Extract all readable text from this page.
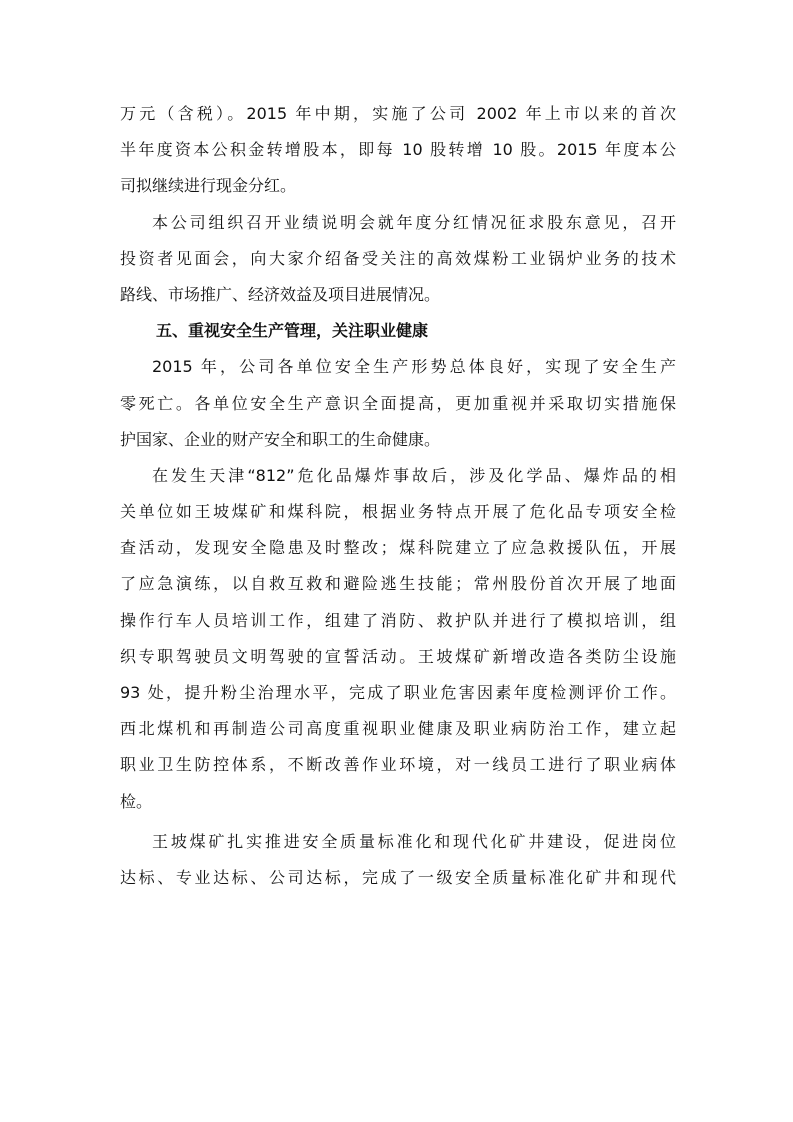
万元（含税）。2015 年中期，实施了公司 2002 年上市以来的首次
半年度资本公积金转增股本，即每 10 股转增 10 股。2015 年度本公
司拟继续进行现金分红。
本公司组织召开业绩说明会就年度分红情况征求股东意见，召开
投资者见面会，向大家介绍备受关注的高效煤粉工业锅炉业务的技术
路线、市场推广、经济效益及项目进展情况。
五、重视安全生产管理，关注职业健康
2015 年，公司各单位安全生产形势总体良好，实现了安全生产
零死亡。各单位安全生产意识全面提高，更加重视并采取切实措施保
护国家、企业的财产安全和职工的生命健康。
在发生天津“812”危化品爆炸事故后，涉及化学品、爆炸品的相
关单位如王坡煤矿和煤科院，根据业务特点开展了危化品专项安全检
查活动，发现安全隐患及时整改；煤科院建立了应急救援队伍，开展
了应急演练，以自救互救和避险逃生技能；常州股份首次开展了地面
操作行车人员培训工作，组建了消防、救护队并进行了模拟培训，组
织专职驾驶员文明驾驶的宣誓活动。王坡煤矿新增改造各类防尘设施
93 处，提升粉尘治理水平，完成了职业危害因素年度检测评价工作。
西北煤机和再制造公司高度重视职业健康及职业病防治工作，建立起
职业卫生防控体系，不断改善作业环境，对一线员工进行了职业病体
检。
王坡煤矿扎实推进安全质量标准化和现代化矿井建设，促进岗位
达标、专业达标、公司达标，完成了一级安全质量标准化矿井和现代
